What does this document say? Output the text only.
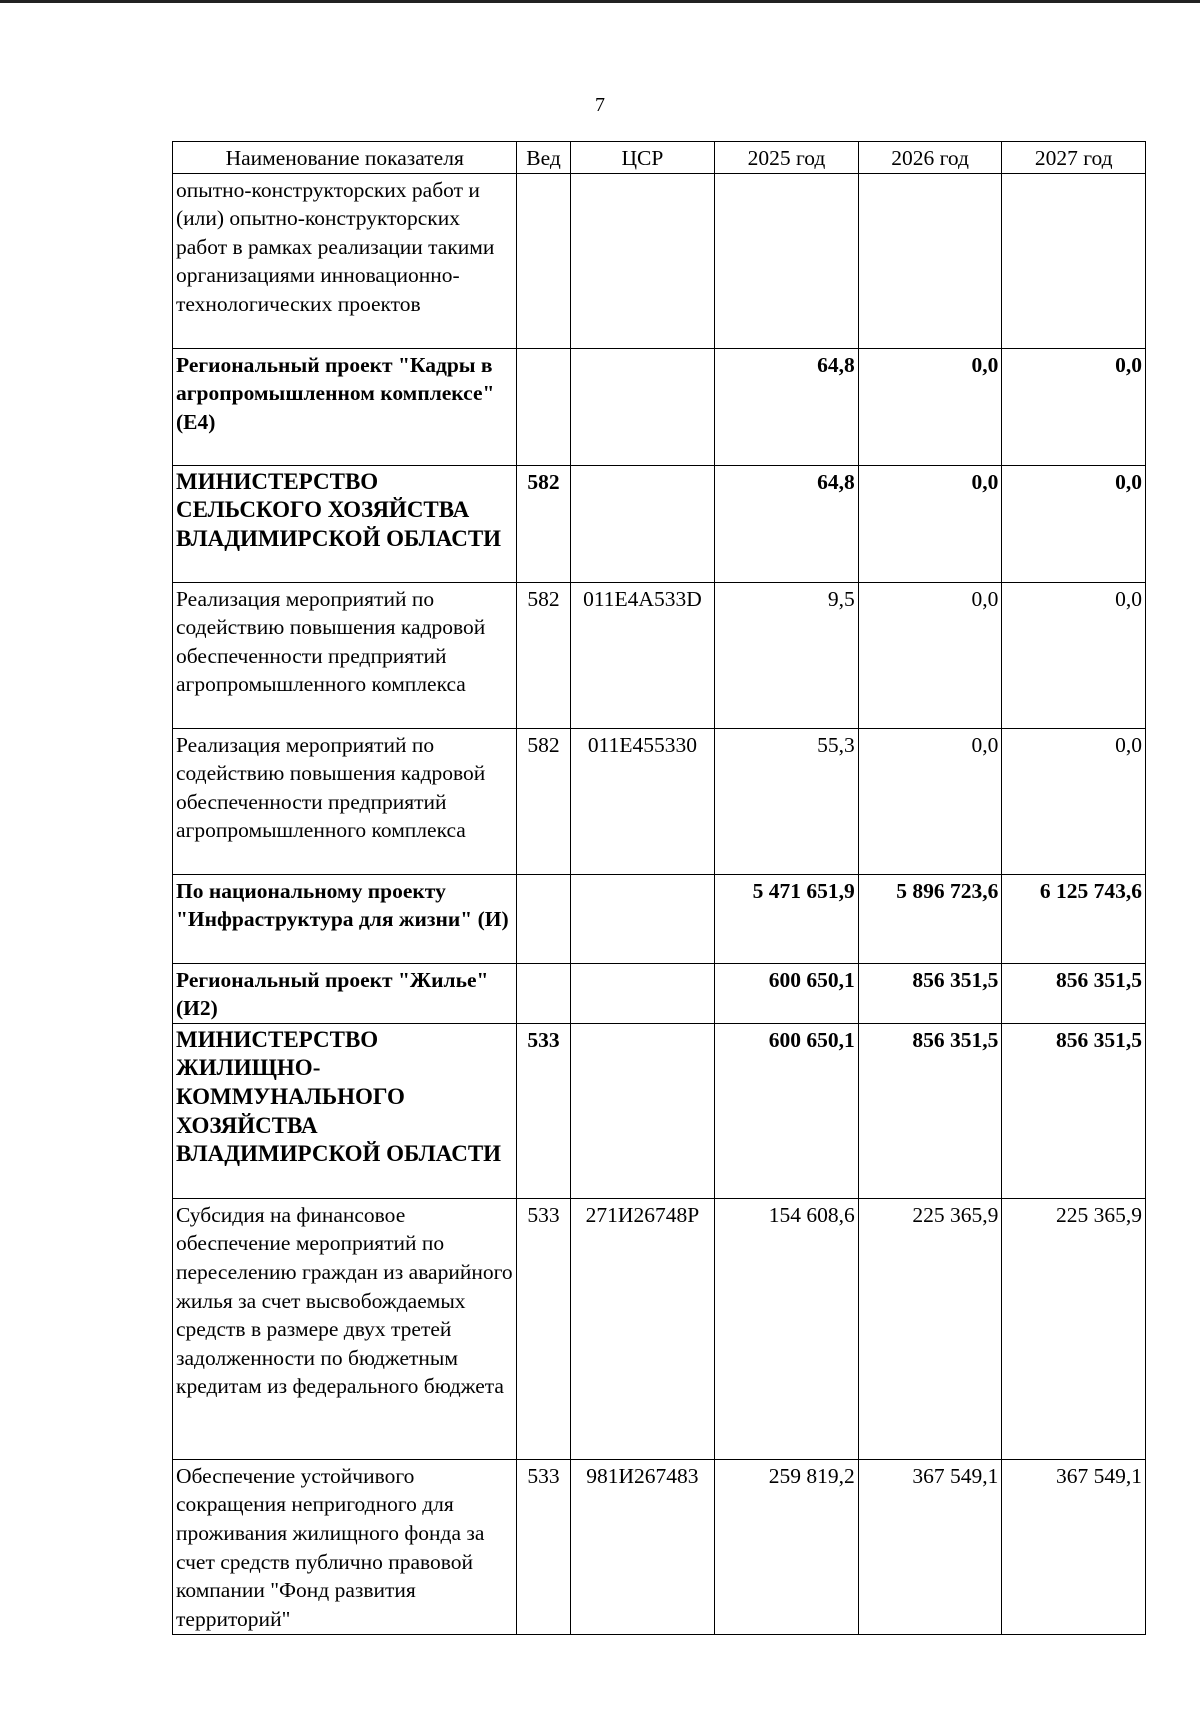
7
Наименование показателя	Вед	ЦСР	2025 год	2026 год	2027 год
опытно-конструкторских работ и (или) опытно-конструкторских работ в рамках реализации такими организациями инновационно-технологических проектов					
Региональный проект "Кадры в агропромышленном комплексе" (Е4)			64,8	0,0	0,0
МИНИСТЕРСТВО СЕЛЬСКОГО ХОЗЯЙСТВА ВЛАДИМИРСКОЙ ОБЛАСТИ	582		64,8	0,0	0,0
Реализация мероприятий по содействию повышения кадровой обеспеченности предприятий агропромышленного комплекса	582	011Е4А533D	9,5	0,0	0,0
Реализация мероприятий по содействию повышения кадровой обеспеченности предприятий агропромышленного комплекса	582	011Е455330	55,3	0,0	0,0
По национальному проекту "Инфраструктура для жизни" (И)			5 471 651,9	5 896 723,6	6 125 743,6
Региональный проект "Жилье" (И2)			600 650,1	856 351,5	856 351,5
МИНИСТЕРСТВО ЖИЛИЩНО-КОММУНАЛЬНОГО ХОЗЯЙСТВА ВЛАДИМИРСКОЙ ОБЛАСТИ	533		600 650,1	856 351,5	856 351,5
Субсидия на финансовое обеспечение мероприятий по переселению граждан из аварийного жилья за счет высвобождаемых средств в размере двух третей задолженности по бюджетным кредитам из федерального бюджета	533	271И26748Р	154 608,6	225 365,9	225 365,9
Обеспечение устойчивого сокращения непригодного для проживания жилищного фонда за счет средств публично правовой компании "Фонд развития территорий"	533	981И267483	259 819,2	367 549,1	367 549,1
